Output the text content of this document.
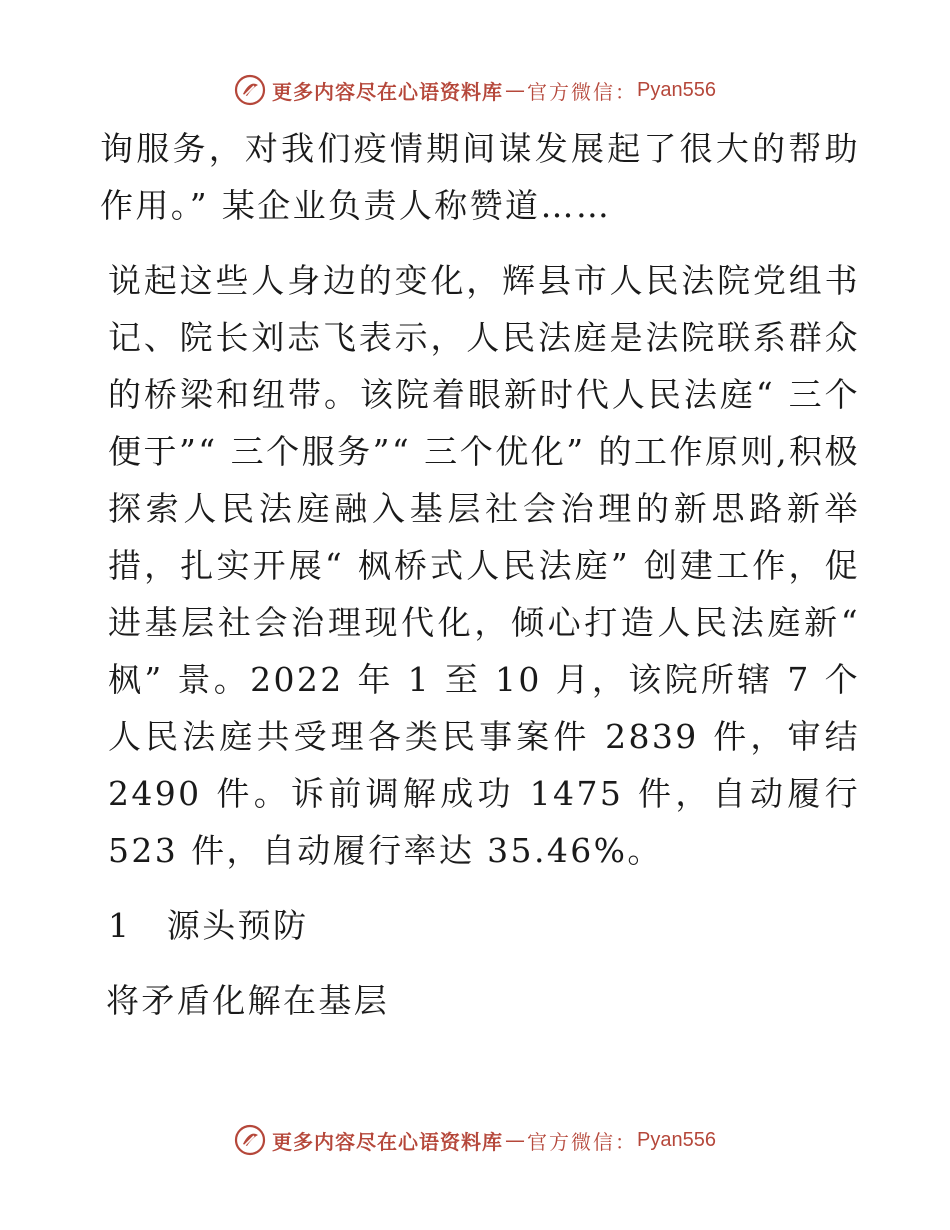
更多内容尽在心语资料库 — 官方微信： Pyan556

询服务，对我们疫情期间谋发展起了很大的帮助作用。” 某企业负责人称赞道……

说起这些人身边的变化，辉县市人民法院党组书记、院长刘志飞表示，人民法庭是法院联系群众的桥梁和纽带。该院着眼新时代人民法庭“ 三个便于”“ 三个服务”“ 三个优化” 的工作原则,积极探索人民法庭融入基层社会治理的新思路新举措，扎实开展“ 枫桥式人民法庭” 创建工作，促进基层社会治理现代化，倾心打造人民法庭新“ 枫” 景。2022 年 1 至 10 月，该院所辖 7 个人民法庭共受理各类民事案件 2839 件，审结 2490 件。诉前调解成功 1475 件，自动履行 523 件，自动履行率达 35.46%。

1　源头预防

将矛盾化解在基层

更多内容尽在心语资料库 — 官方微信： Pyan556
